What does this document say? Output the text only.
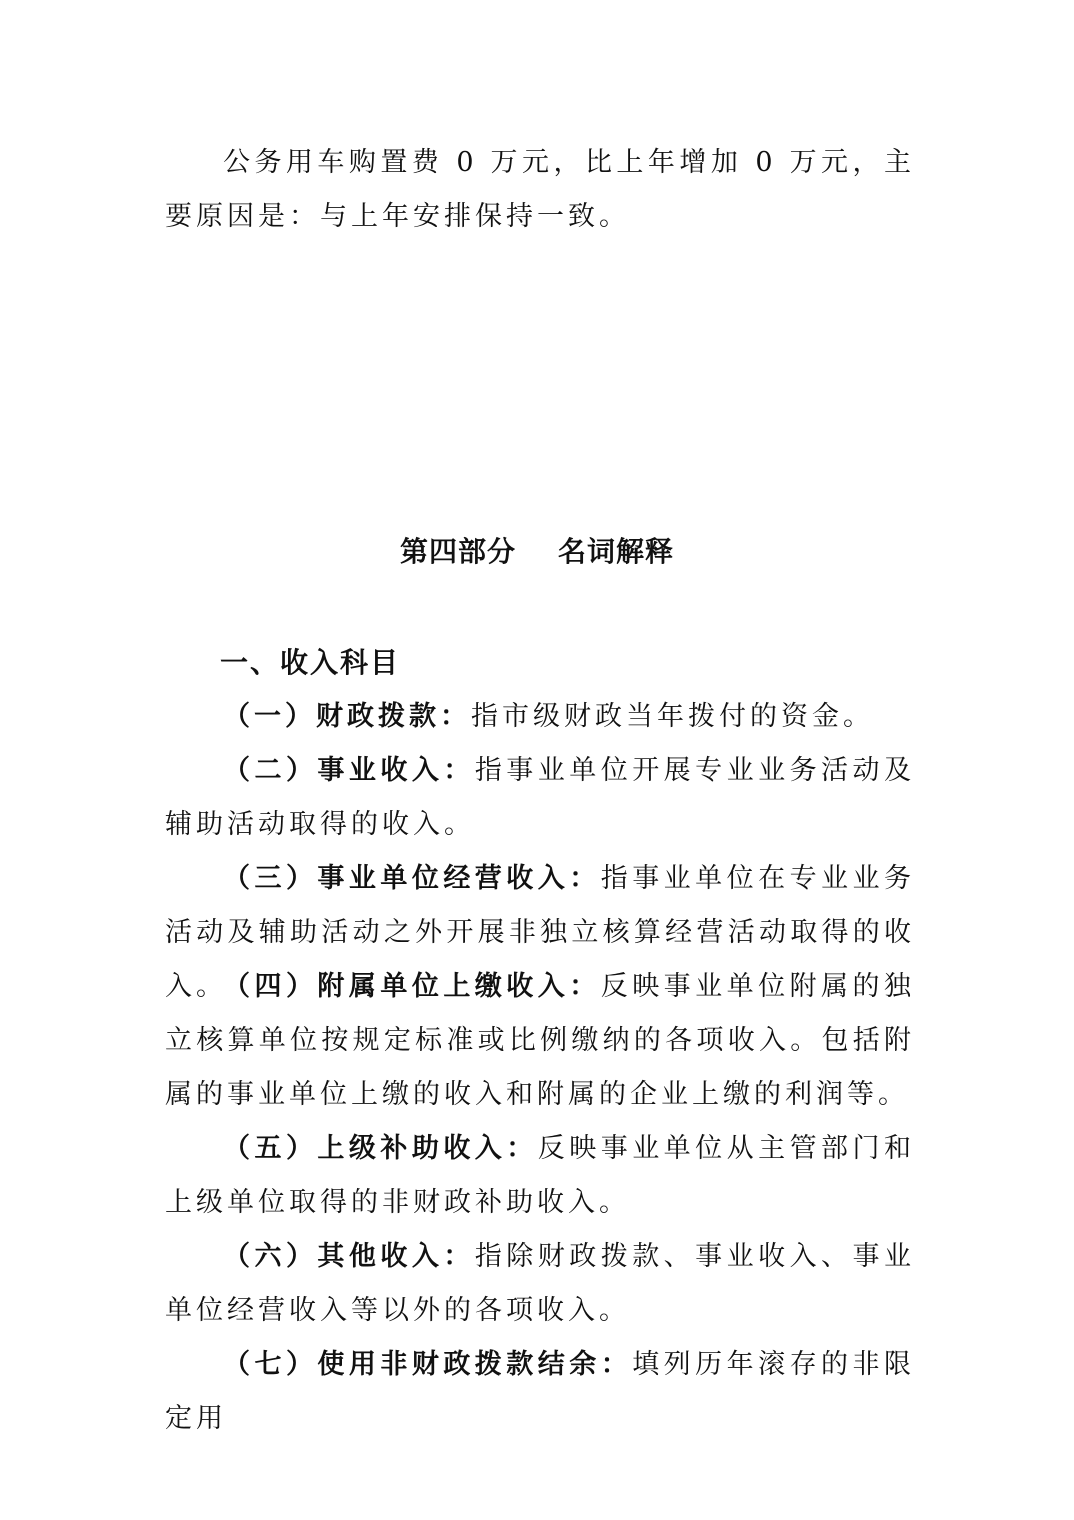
公务用车购置费 0 万元，比上年增加 0 万元，主要原因是：与上年安排保持一致。

第四部分 名词解释
一、收入科目

（一）财政拨款：指市级财政当年拨付的资金。

（二）事业收入：指事业单位开展专业业务活动及辅助活动取得的收入。

（三）事业单位经营收入：指事业单位在专业业务活动及辅助活动之外开展非独立核算经营活动取得的收入。

（四）附属单位上缴收入：反映事业单位附属的独立核算单位按规定标准或比例缴纳的各项收入。包括附属的事业单位上缴的收入和附属的企业上缴的利润等。

（五）上级补助收入：反映事业单位从主管部门和上级单位取得的非财政补助收入。

（六）其他收入：指除财政拨款、事业收入、事业单位经营收入等以外的各项收入。

（七）使用非财政拨款结余：填列历年滚存的非限定用
